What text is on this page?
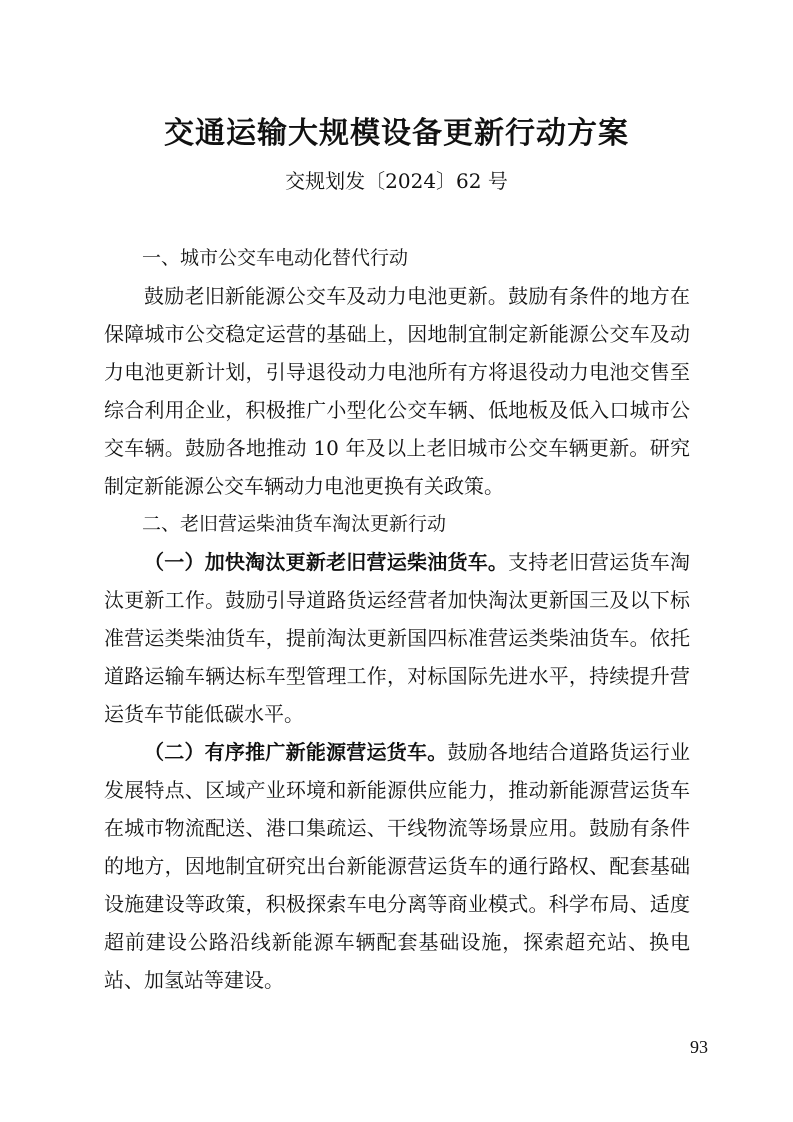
交通运输大规模设备更新行动方案
交规划发〔2024〕62 号

一、城市公交车电动化替代行动

鼓励老旧新能源公交车及动力电池更新。鼓励有条件的地方在保障城市公交稳定运营的基础上，因地制宜制定新能源公交车及动力电池更新计划，引导退役动力电池所有方将退役动力电池交售至综合利用企业，积极推广小型化公交车辆、低地板及低入口城市公交车辆。鼓励各地推动 10 年及以上老旧城市公交车辆更新。研究制定新能源公交车辆动力电池更换有关政策。

二、老旧营运柴油货车淘汰更新行动

（一）加快淘汰更新老旧营运柴油货车。支持老旧营运货车淘汰更新工作。鼓励引导道路货运经营者加快淘汰更新国三及以下标准营运类柴油货车，提前淘汰更新国四标准营运类柴油货车。依托道路运输车辆达标车型管理工作，对标国际先进水平，持续提升营运货车节能低碳水平。

（二）有序推广新能源营运货车。鼓励各地结合道路货运行业发展特点、区域产业环境和新能源供应能力，推动新能源营运货车在城市物流配送、港口集疏运、干线物流等场景应用。鼓励有条件的地方，因地制宜研究出台新能源营运货车的通行路权、配套基础设施建设等政策，积极探索车电分离等商业模式。科学布局、适度超前建设公路沿线新能源车辆配套基础设施，探索超充站、换电站、加氢站等建设。

93
